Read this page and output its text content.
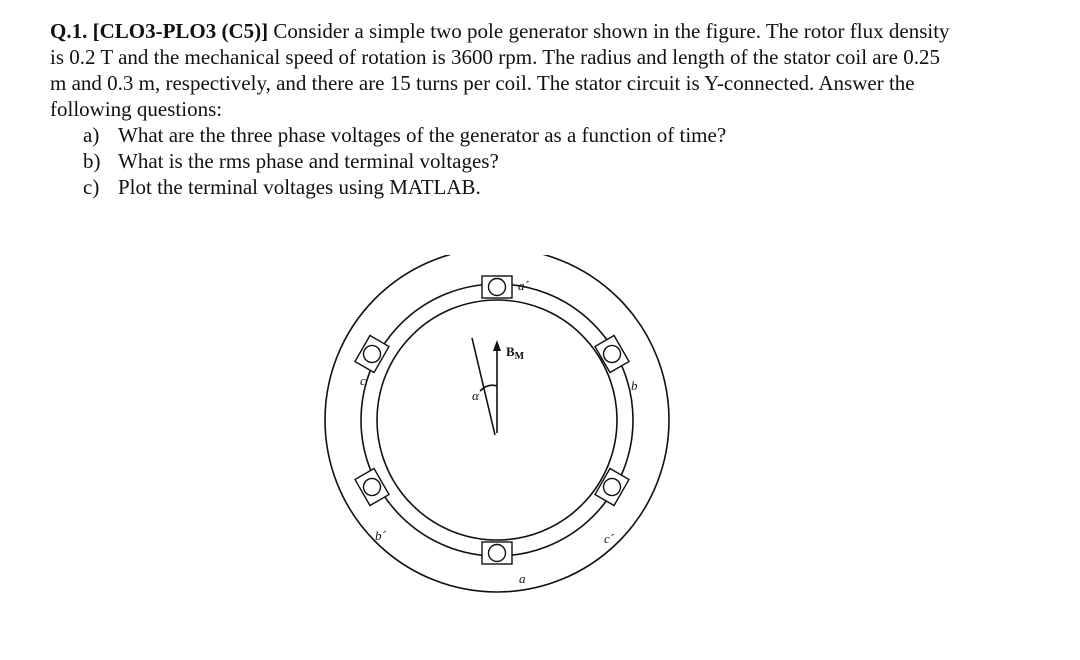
Q.1. [CLO3-PLO3 (C5)] Consider a simple two pole generator shown in the figure. The rotor flux density is 0.2 T and the mechanical speed of rotation is 3600 rpm. The radius and length of the stator coil are 0.25 m and 0.3 m, respectively, and there are 15 turns per coil. The stator circuit is Y-connected. Answer the following questions:

a) What are the three phase voltages of the generator as a function of time?
b) What is the rms phase and terminal voltages?
c) Plot the terminal voltages using MATLAB.
$B_M$
α
a´
a
b
b´
c
c´
